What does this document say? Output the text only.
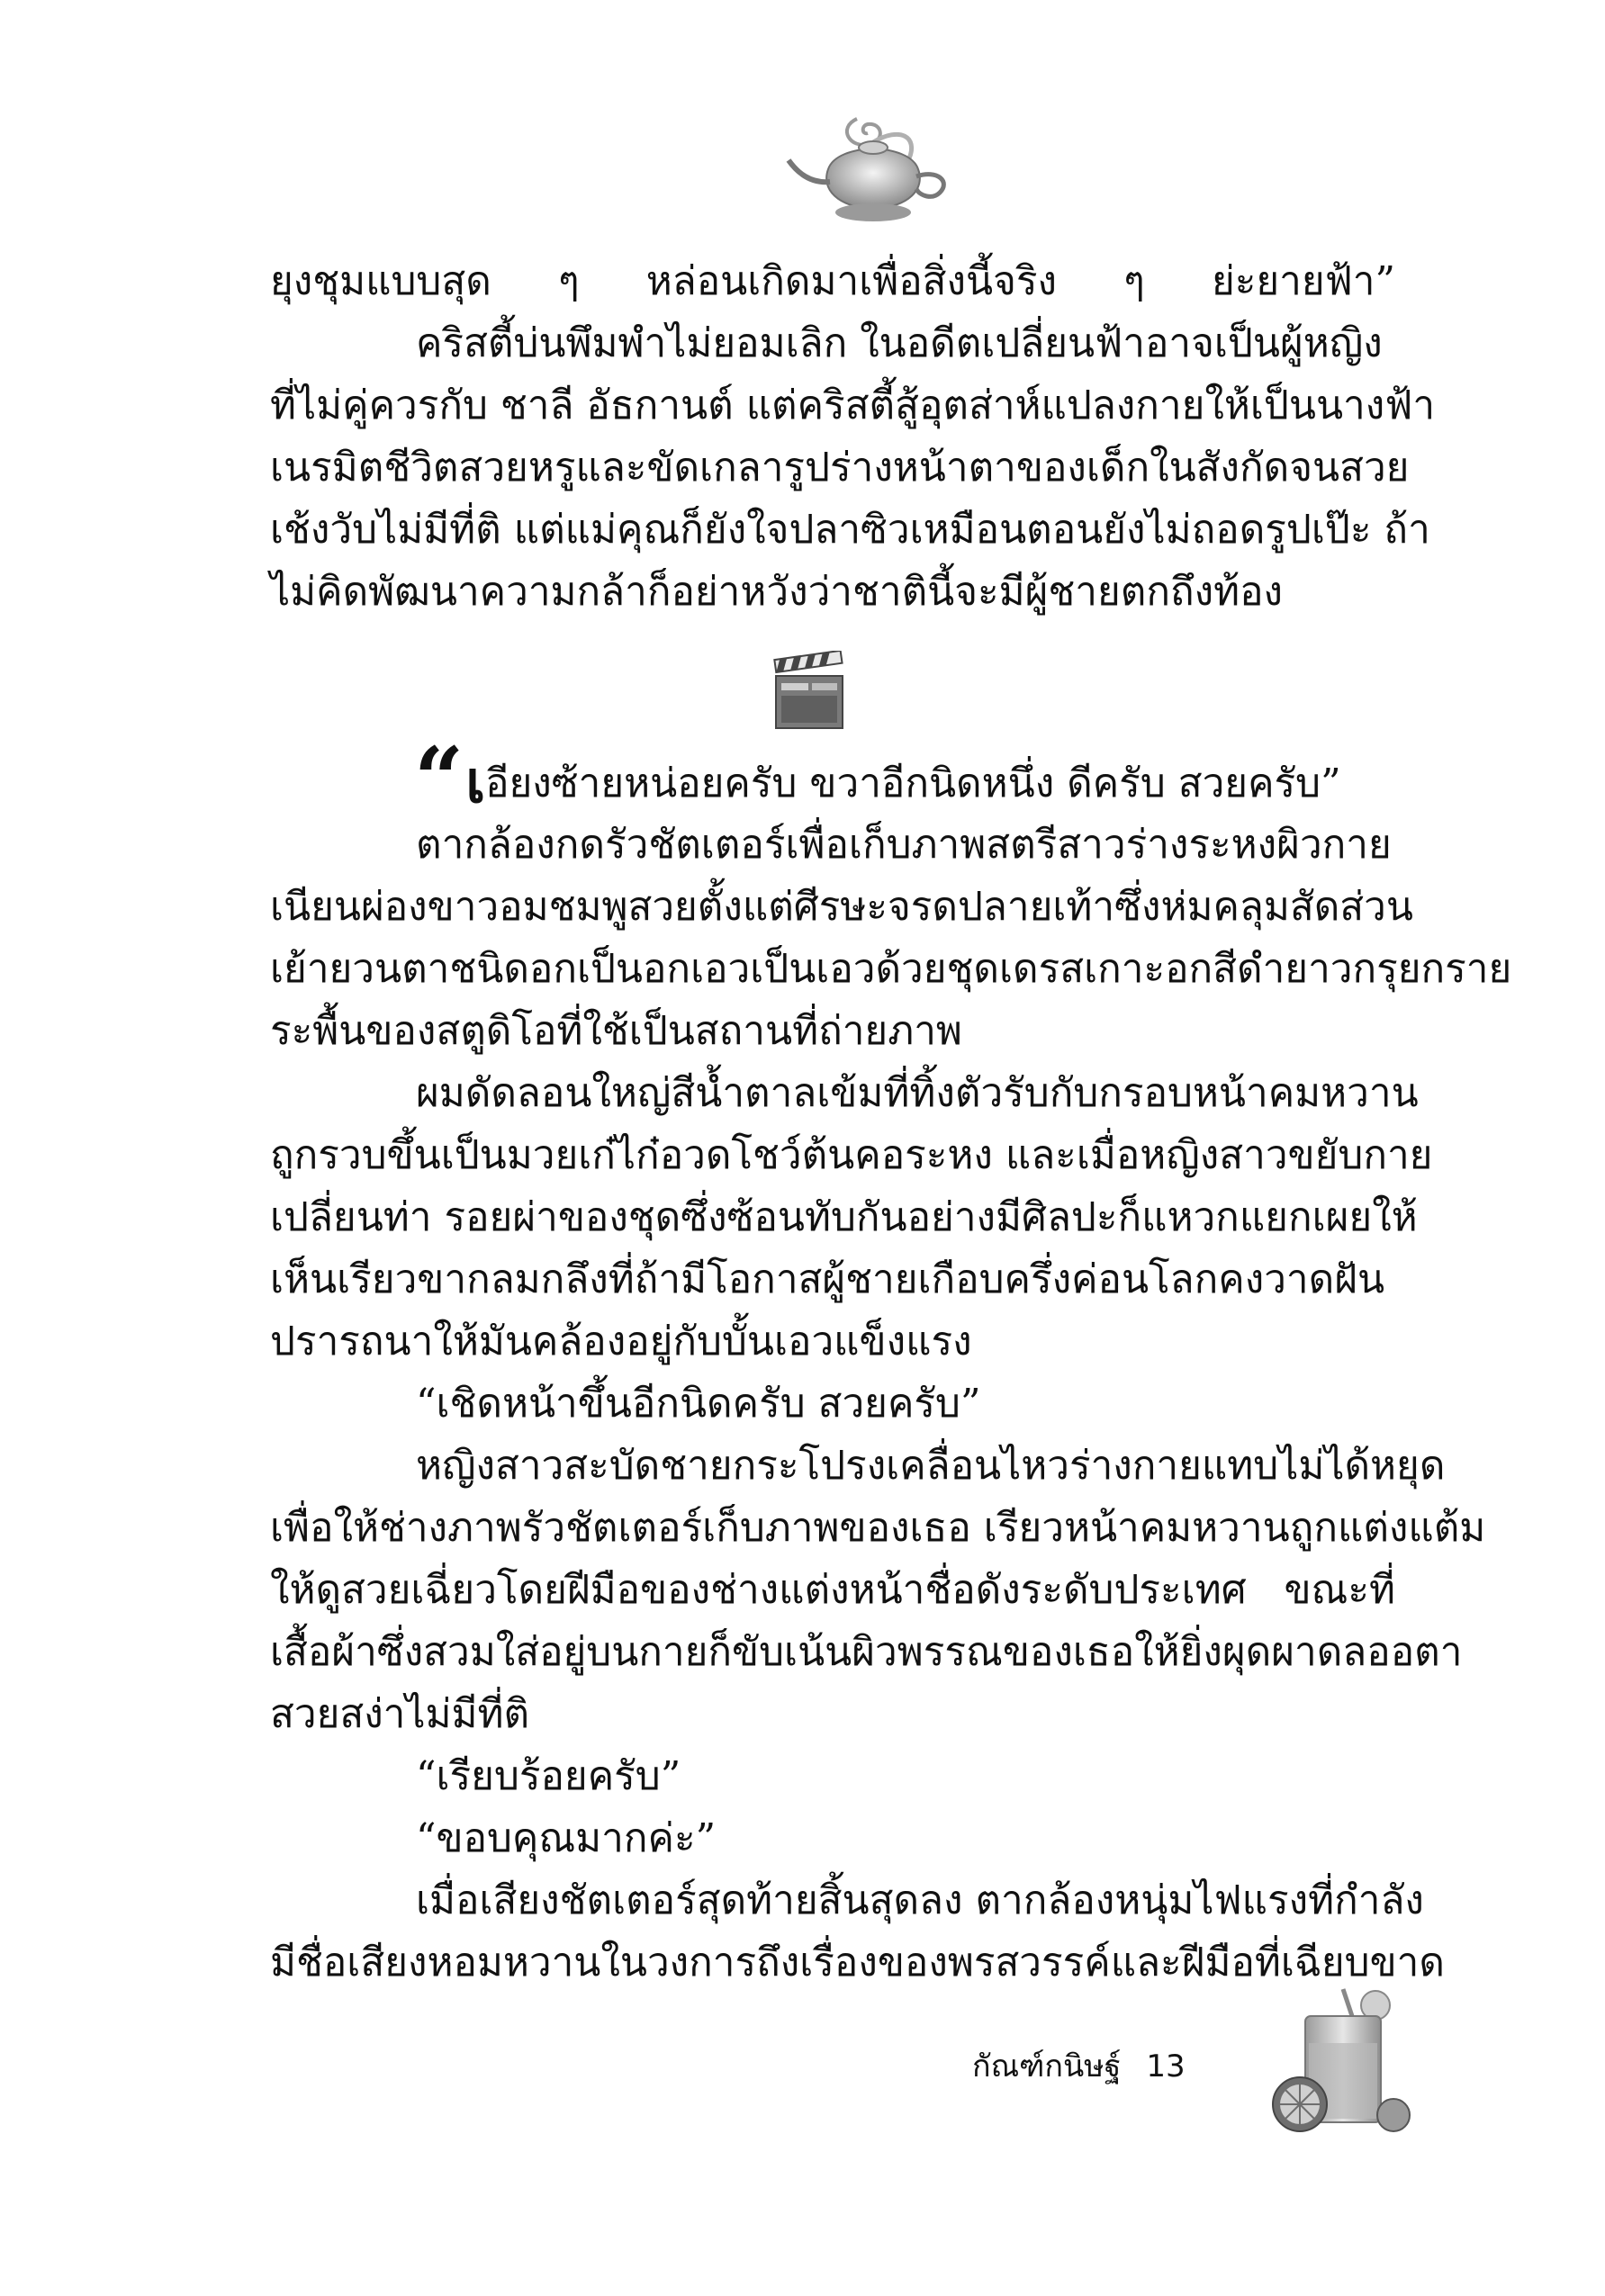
ยุงชุมแบบสุด ๆ หล่อนเกิดมาเพื่อสิ่งนี้จริง ๆ ย่ะยายฟ้า”
คริสตี้บ่นพึมพำไม่ยอมเลิก ในอดีตเปลี่ยนฟ้าอาจเป็นผู้หญิง
ที่ไม่คู่ควรกับ ชาลี อัธกานต์ แต่คริสตี้สู้อุตส่าห์แปลงกายให้เป็นนางฟ้า
เนรมิตชีวิตสวยหรูและขัดเกลารูปร่างหน้าตาของเด็กในสังกัดจนสวย
เช้งวับไม่มีที่ติ แต่แม่คุณก็ยังใจปลาซิวเหมือนตอนยังไม่ถอดรูปเป๊ะ ถ้า
ไม่คิดพัฒนาความกล้าก็อย่าหวังว่าชาตินี้จะมีผู้ชายตกถึงท้อง
“เอียงซ้ายหน่อยครับ ขวาอีกนิดหนึ่ง ดีครับ สวยครับ”
ตากล้องกดรัวชัตเตอร์เพื่อเก็บภาพสตรีสาวร่างระหงผิวกาย
เนียนผ่องขาวอมชมพูสวยตั้งแต่ศีรษะจรดปลายเท้าซึ่งห่มคลุมสัดส่วน
เย้ายวนตาชนิดอกเป็นอกเอวเป็นเอวด้วยชุดเดรสเกาะอกสีดำยาวกรุยกราย
ระพื้นของสตูดิโอที่ใช้เป็นสถานที่ถ่ายภาพ
ผมดัดลอนใหญ่สีน้ำตาลเข้มที่ทิ้งตัวรับกับกรอบหน้าคมหวาน
ถูกรวบขึ้นเป็นมวยเก๋ไก๋อวดโชว์ต้นคอระหง และเมื่อหญิงสาวขยับกาย
เปลี่ยนท่า รอยผ่าของชุดซึ่งซ้อนทับกันอย่างมีศิลปะก็แหวกแยกเผยให้
เห็นเรียวขากลมกลึงที่ถ้ามีโอกาสผู้ชายเกือบครึ่งค่อนโลกคงวาดฝัน
ปรารถนาให้มันคล้องอยู่กับบั้นเอวแข็งแรง
“เชิดหน้าขึ้นอีกนิดครับ สวยครับ”
หญิงสาวสะบัดชายกระโปรงเคลื่อนไหวร่างกายแทบไม่ได้หยุด
เพื่อให้ช่างภาพรัวชัตเตอร์เก็บภาพของเธอ เรียวหน้าคมหวานถูกแต่งแต้ม
ให้ดูสวยเฉี่ยวโดยฝีมือของช่างแต่งหน้าชื่อดังระดับประเทศ ขณะที่
เสื้อผ้าซึ่งสวมใส่อยู่บนกายก็ขับเน้นผิวพรรณของเธอให้ยิ่งผุดผาดลออตา
สวยสง่าไม่มีที่ติ
“เรียบร้อยครับ”
“ขอบคุณมากค่ะ”
เมื่อเสียงชัตเตอร์สุดท้ายสิ้นสุดลง ตากล้องหนุ่มไฟแรงที่กำลัง
มีชื่อเสียงหอมหวานในวงการถึงเรื่องของพรสวรรค์และฝีมือที่เฉียบขาด
กัณฑ์กนิษฐ์ 13
